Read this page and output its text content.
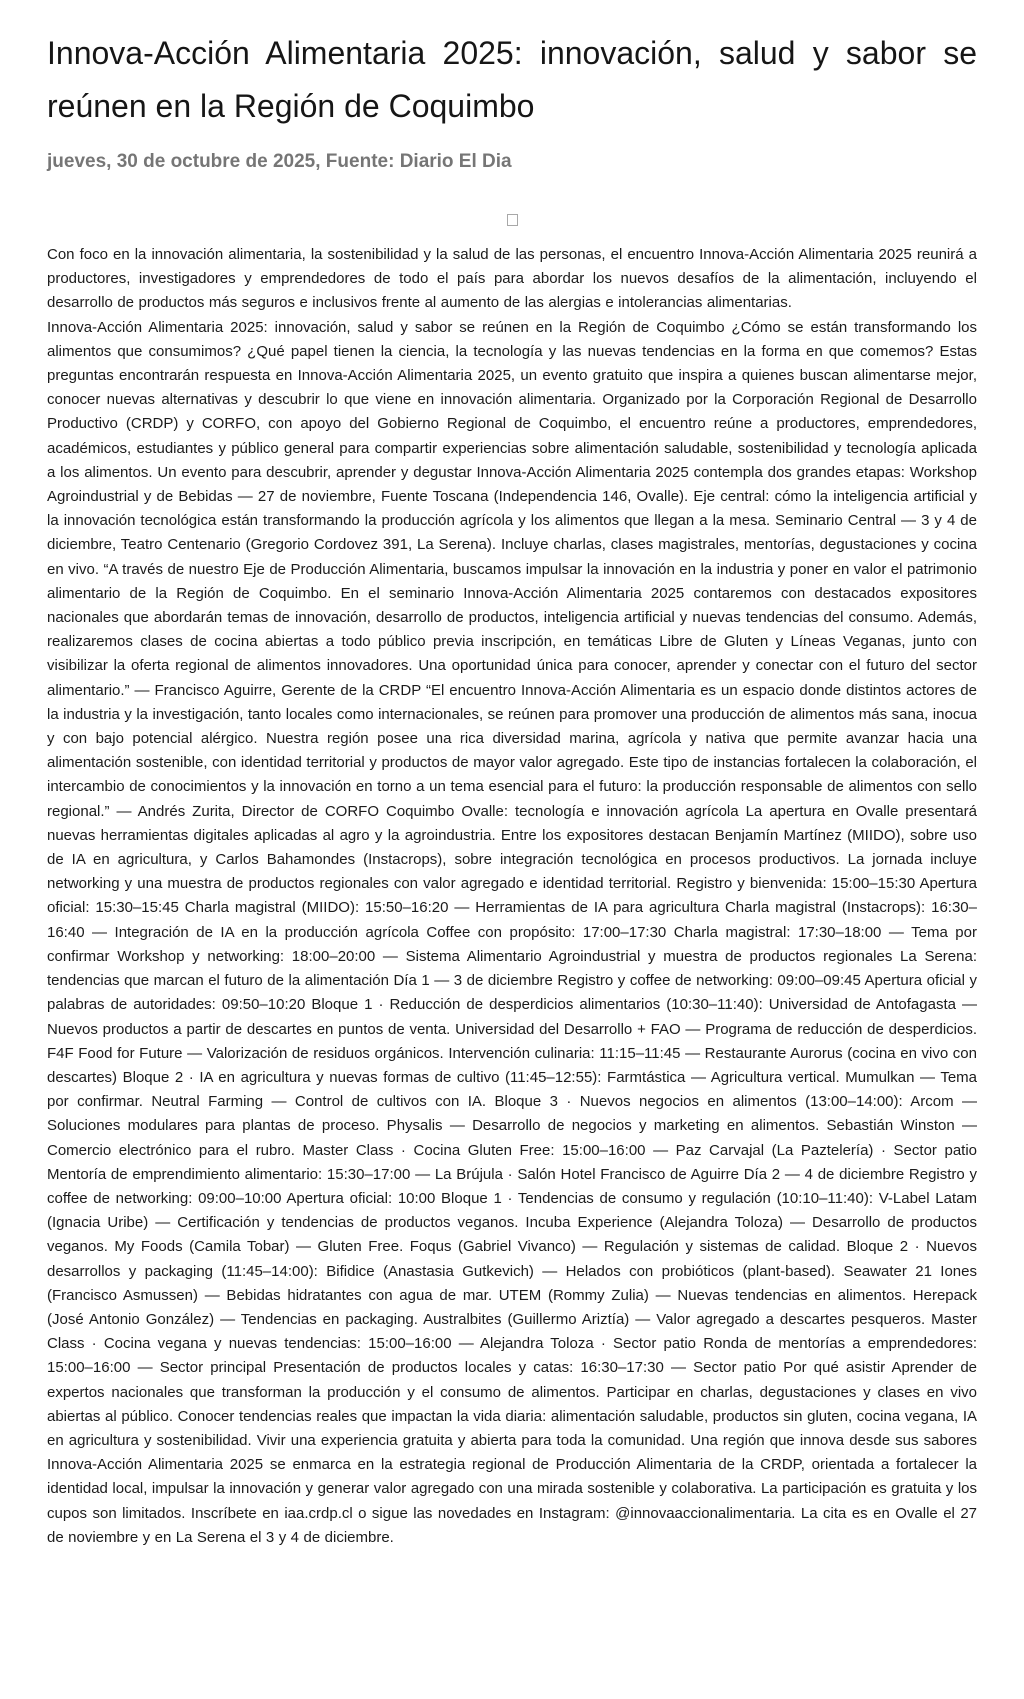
Innova-Acción Alimentaria 2025: innovación, salud y sabor se reúnen en la Región de Coquimbo

jueves, 30 de octubre de 2025, Fuente: Diario El Dia

Con foco en la innovación alimentaria, la sostenibilidad y la salud de las personas, el encuentro Innova-Acción Alimentaria 2025 reunirá a productores, investigadores y emprendedores de todo el país para abordar los nuevos desafíos de la alimentación, incluyendo el desarrollo de productos más seguros e inclusivos frente al aumento de las alergias e intolerancias alimentarias.

Innova-Acción Alimentaria 2025: innovación, salud y sabor se reúnen en la Región de Coquimbo ¿Cómo se están transformando los alimentos que consumimos? ¿Qué papel tienen la ciencia, la tecnología y las nuevas tendencias en la forma en que comemos? Estas preguntas encontrarán respuesta en Innova-Acción Alimentaria 2025, un evento gratuito que inspira a quienes buscan alimentarse mejor, conocer nuevas alternativas y descubrir lo que viene en innovación alimentaria. Organizado por la Corporación Regional de Desarrollo Productivo (CRDP) y CORFO, con apoyo del Gobierno Regional de Coquimbo, el encuentro reúne a productores, emprendedores, académicos, estudiantes y público general para compartir experiencias sobre alimentación saludable, sostenibilidad y tecnología aplicada a los alimentos. Un evento para descubrir, aprender y degustar Innova-Acción Alimentaria 2025 contempla dos grandes etapas: Workshop Agroindustrial y de Bebidas — 27 de noviembre, Fuente Toscana (Independencia 146, Ovalle). Eje central: cómo la inteligencia artificial y la innovación tecnológica están transformando la producción agrícola y los alimentos que llegan a la mesa. Seminario Central — 3 y 4 de diciembre, Teatro Centenario (Gregorio Cordovez 391, La Serena). Incluye charlas, clases magistrales, mentorías, degustaciones y cocina en vivo. “A través de nuestro Eje de Producción Alimentaria, buscamos impulsar la innovación en la industria y poner en valor el patrimonio alimentario de la Región de Coquimbo. En el seminario Innova-Acción Alimentaria 2025 contaremos con destacados expositores nacionales que abordarán temas de innovación, desarrollo de productos, inteligencia artificial y nuevas tendencias del consumo. Además, realizaremos clases de cocina abiertas a todo público previa inscripción, en temáticas Libre de Gluten y Líneas Veganas, junto con visibilizar la oferta regional de alimentos innovadores. Una oportunidad única para conocer, aprender y conectar con el futuro del sector alimentario.” — Francisco Aguirre, Gerente de la CRDP “El encuentro Innova-Acción Alimentaria es un espacio donde distintos actores de la industria y la investigación, tanto locales como internacionales, se reúnen para promover una producción de alimentos más sana, inocua y con bajo potencial alérgico. Nuestra región posee una rica diversidad marina, agrícola y nativa que permite avanzar hacia una alimentación sostenible, con identidad territorial y productos de mayor valor agregado. Este tipo de instancias fortalecen la colaboración, el intercambio de conocimientos y la innovación en torno a un tema esencial para el futuro: la producción responsable de alimentos con sello regional.” — Andrés Zurita, Director de CORFO Coquimbo Ovalle: tecnología e innovación agrícola La apertura en Ovalle presentará nuevas herramientas digitales aplicadas al agro y la agroindustria. Entre los expositores destacan Benjamín Martínez (MIIDO), sobre uso de IA en agricultura, y Carlos Bahamondes (Instacrops), sobre integración tecnológica en procesos productivos. La jornada incluye networking y una muestra de productos regionales con valor agregado e identidad territorial. Registro y bienvenida: 15:00–15:30 Apertura oficial: 15:30–15:45 Charla magistral (MIIDO): 15:50–16:20 — Herramientas de IA para agricultura Charla magistral (Instacrops): 16:30–16:40 — Integración de IA en la producción agrícola Coffee con propósito: 17:00–17:30 Charla magistral: 17:30–18:00 — Tema por confirmar Workshop y networking: 18:00–20:00 — Sistema Alimentario Agroindustrial y muestra de productos regionales La Serena: tendencias que marcan el futuro de la alimentación Día 1 — 3 de diciembre Registro y coffee de networking: 09:00–09:45 Apertura oficial y palabras de autoridades: 09:50–10:20 Bloque 1 · Reducción de desperdicios alimentarios (10:30–11:40): Universidad de Antofagasta — Nuevos productos a partir de descartes en puntos de venta. Universidad del Desarrollo + FAO — Programa de reducción de desperdicios. F4F Food for Future — Valorización de residuos orgánicos. Intervención culinaria: 11:15–11:45 — Restaurante Aurorus (cocina en vivo con descartes) Bloque 2 · IA en agricultura y nuevas formas de cultivo (11:45–12:55): Farmtástica — Agricultura vertical. Mumulkan — Tema por confirmar. Neutral Farming — Control de cultivos con IA. Bloque 3 · Nuevos negocios en alimentos (13:00–14:00): Arcom — Soluciones modulares para plantas de proceso. Physalis — Desarrollo de negocios y marketing en alimentos. Sebastián Winston — Comercio electrónico para el rubro. Master Class · Cocina Gluten Free: 15:00–16:00 — Paz Carvajal (La Paztelería) · Sector patio Mentoría de emprendimiento alimentario: 15:30–17:00 — La Brújula · Salón Hotel Francisco de Aguirre Día 2 — 4 de diciembre Registro y coffee de networking: 09:00–10:00 Apertura oficial: 10:00 Bloque 1 · Tendencias de consumo y regulación (10:10–11:40): V-Label Latam (Ignacia Uribe) — Certificación y tendencias de productos veganos. Incuba Experience (Alejandra Toloza) — Desarrollo de productos veganos. My Foods (Camila Tobar) — Gluten Free. Foqus (Gabriel Vivanco) — Regulación y sistemas de calidad. Bloque 2 · Nuevos desarrollos y packaging (11:45–14:00): Bifidice (Anastasia Gutkevich) — Helados con probióticos (plant-based). Seawater 21 Iones (Francisco Asmussen) — Bebidas hidratantes con agua de mar. UTEM (Rommy Zulia) — Nuevas tendencias en alimentos. Herepack (José Antonio González) — Tendencias en packaging. Australbites (Guillermo Ariztía) — Valor agregado a descartes pesqueros. Master Class · Cocina vegana y nuevas tendencias: 15:00–16:00 — Alejandra Toloza · Sector patio Ronda de mentorías a emprendedores: 15:00–16:00 — Sector principal Presentación de productos locales y catas: 16:30–17:30 — Sector patio Por qué asistir Aprender de expertos nacionales que transforman la producción y el consumo de alimentos. Participar en charlas, degustaciones y clases en vivo abiertas al público. Conocer tendencias reales que impactan la vida diaria: alimentación saludable, productos sin gluten, cocina vegana, IA en agricultura y sostenibilidad. Vivir una experiencia gratuita y abierta para toda la comunidad. Una región que innova desde sus sabores Innova-Acción Alimentaria 2025 se enmarca en la estrategia regional de Producción Alimentaria de la CRDP, orientada a fortalecer la identidad local, impulsar la innovación y generar valor agregado con una mirada sostenible y colaborativa. La participación es gratuita y los cupos son limitados. Inscríbete en iaa.crdp.cl o sigue las novedades en Instagram: @innovaaccionalimentaria. La cita es en Ovalle el 27 de noviembre y en La Serena el 3 y 4 de diciembre.
